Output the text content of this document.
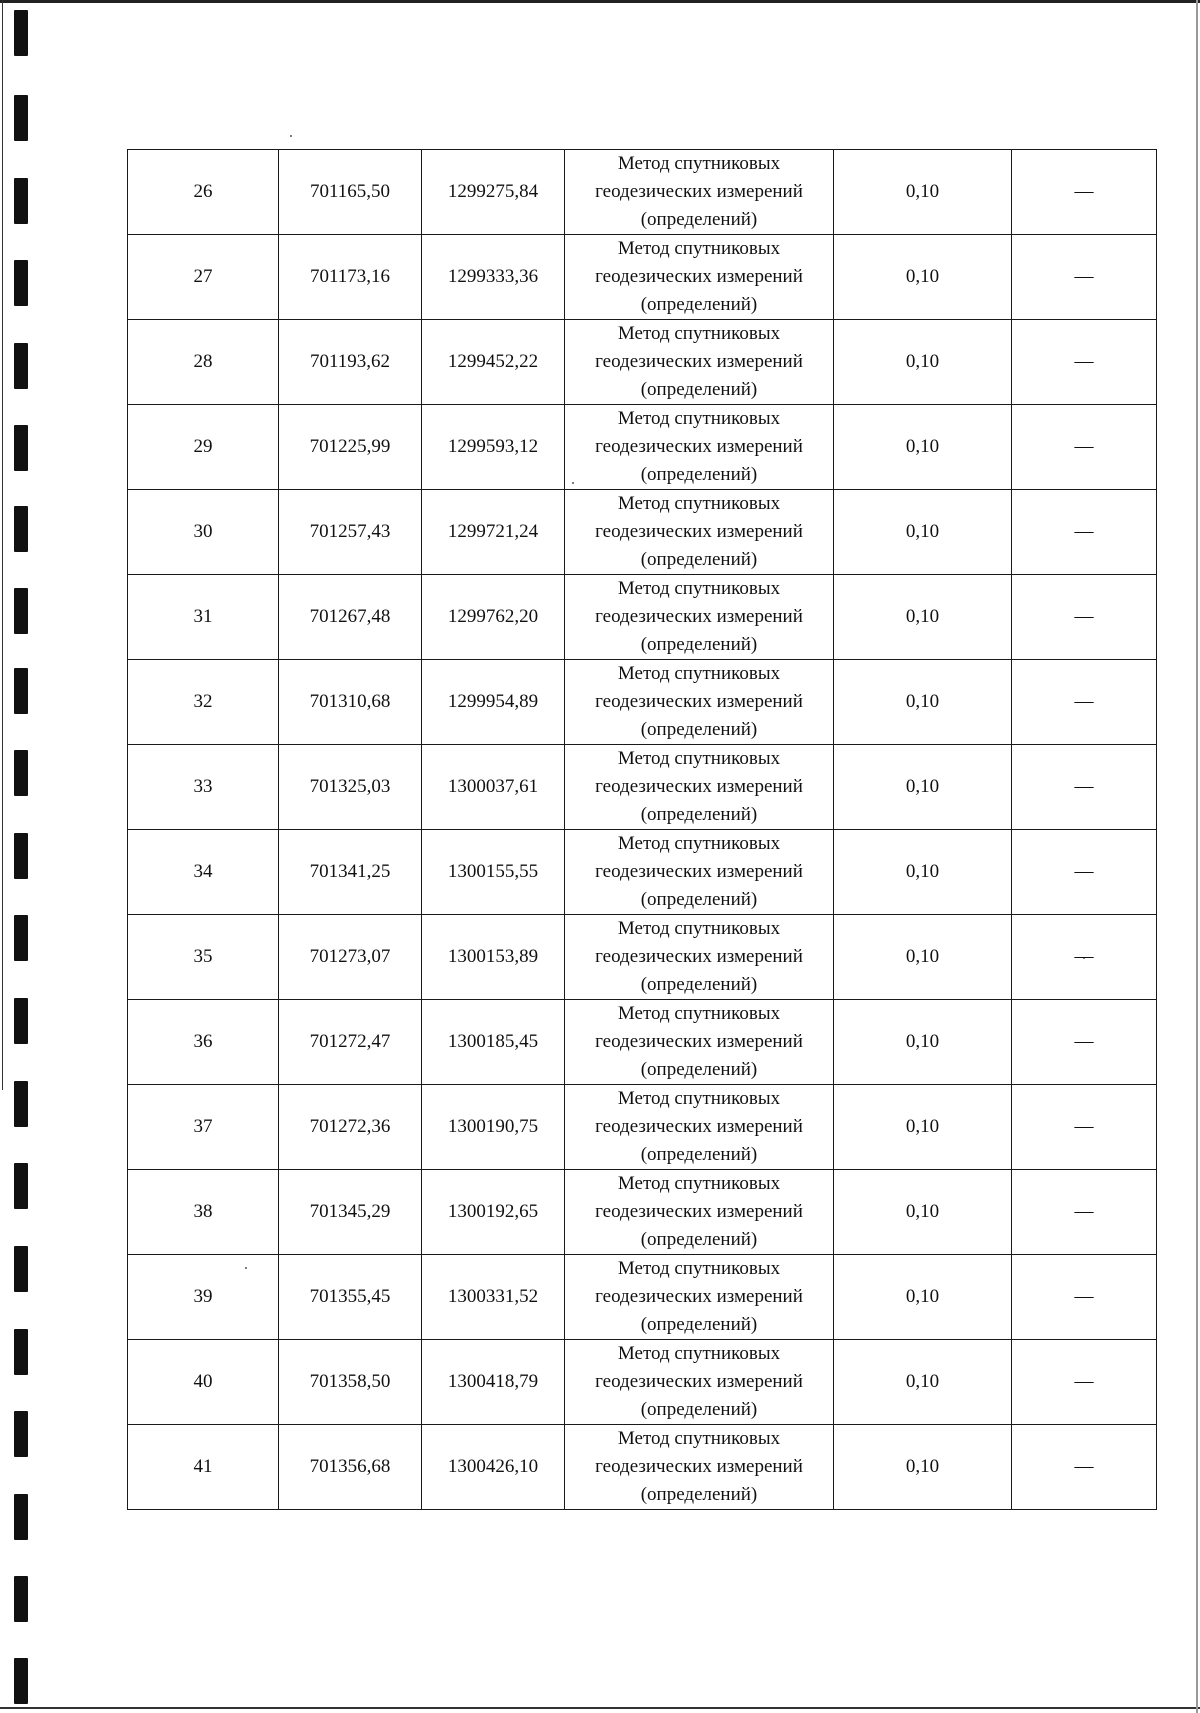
26	701165,50	1299275,84	Метод спутниковых
геодезических измерений
(определений)	0,10	—
27	701173,16	1299333,36	Метод спутниковых
геодезических измерений
(определений)	0,10	—
28	701193,62	1299452,22	Метод спутниковых
геодезических измерений
(определений)	0,10	—
29	701225,99	1299593,12	Метод спутниковых
геодезических измерений
(определений)	0,10	—
30	701257,43	1299721,24	Метод спутниковых
геодезических измерений
(определений)	0,10	—
31	701267,48	1299762,20	Метод спутниковых
геодезических измерений
(определений)	0,10	—
32	701310,68	1299954,89	Метод спутниковых
геодезических измерений
(определений)	0,10	—
33	701325,03	1300037,61	Метод спутниковых
геодезических измерений
(определений)	0,10	—
34	701341,25	1300155,55	Метод спутниковых
геодезических измерений
(определений)	0,10	—
35	701273,07	1300153,89	Метод спутниковых
геодезических измерений
(определений)	0,10	—
36	701272,47	1300185,45	Метод спутниковых
геодезических измерений
(определений)	0,10	—
37	701272,36	1300190,75	Метод спутниковых
геодезических измерений
(определений)	0,10	—
38	701345,29	1300192,65	Метод спутниковых
геодезических измерений
(определений)	0,10	—
39	701355,45	1300331,52	Метод спутниковых
геодезических измерений
(определений)	0,10	—
40	701358,50	1300418,79	Метод спутниковых
геодезических измерений
(определений)	0,10	—
41	701356,68	1300426,10	Метод спутниковых
геодезических измерений
(определений)	0,10	—
